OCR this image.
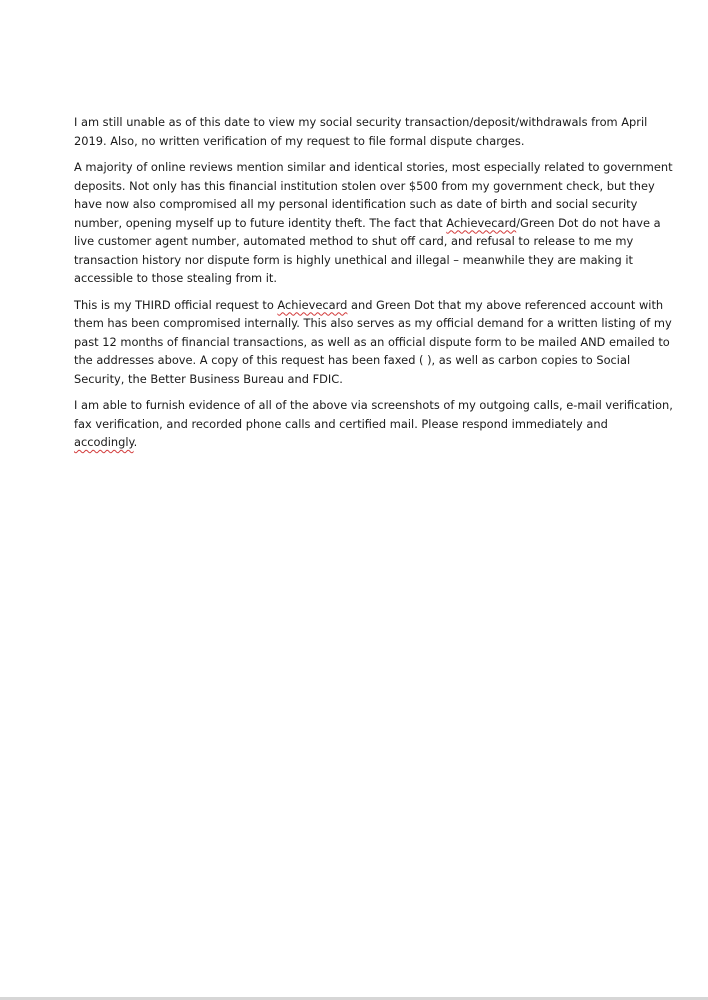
I am still unable as of this date to view my social security transaction/deposit/withdrawals from April 2019. Also, no written verification of my request to file formal dispute charges.

A majority of online reviews mention similar and identical stories, most especially related to government deposits. Not only has this financial institution stolen over $500 from my government check, but they have now also compromised all my personal identification such as date of birth and social security number, opening myself up to future identity theft. The fact that Achievecard/Green Dot do not have a live customer agent number, automated method to shut off card, and refusal to release to me my transaction history nor dispute form is highly unethical and illegal – meanwhile they are making it accessible to those stealing from it.

This is my THIRD official request to Achievecard and Green Dot that my above referenced account with them has been compromised internally. This also serves as my official demand for a written listing of my past 12 months of financial transactions, as well as an official dispute form to be mailed AND emailed to the addresses above. A copy of this request has been faxed ( ), as well as carbon copies to Social Security, the Better Business Bureau and FDIC.

I am able to furnish evidence of all of the above via screenshots of my outgoing calls, e-mail verification, fax verification, and recorded phone calls and certified mail. Please respond immediately and accodingly.
